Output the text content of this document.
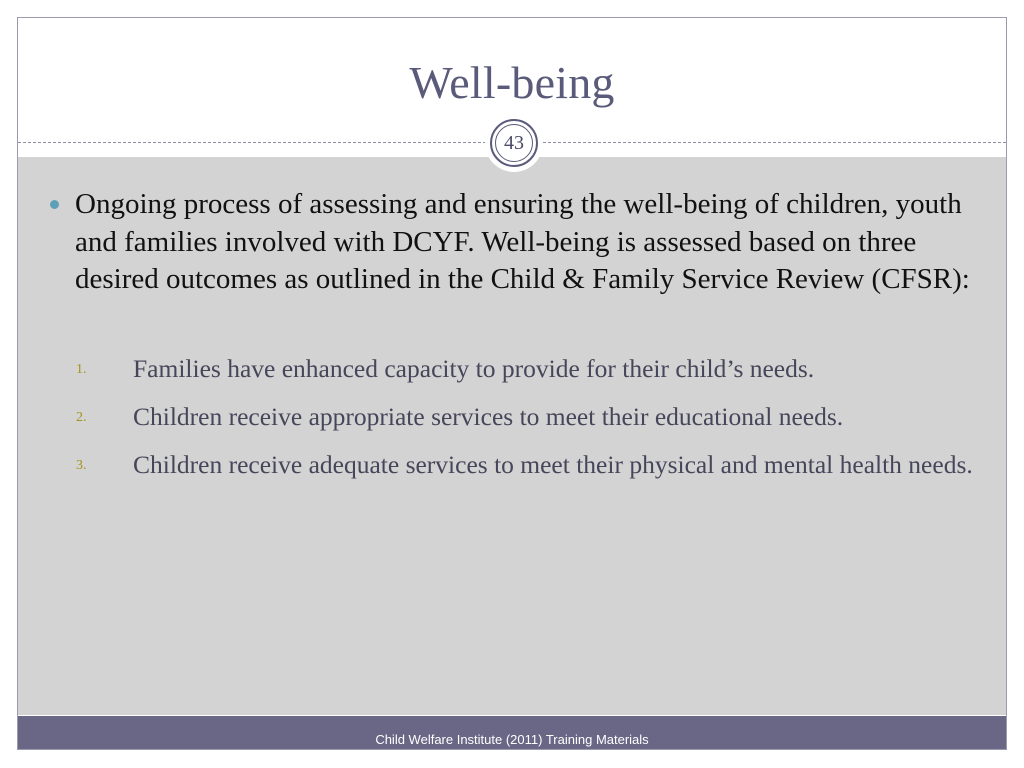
Well-being
43
Ongoing process of assessing and ensuring the well-being of children, youth and families involved with DCYF. Well-being is assessed based on three desired outcomes as outlined in the Child & Family Service Review (CFSR):
1. Families have enhanced capacity to provide for their child’s needs.
2. Children receive appropriate services to meet their educational needs.
3. Children receive adequate services to meet their physical and mental health needs.
Child Welfare Institute (2011) Training Materials
